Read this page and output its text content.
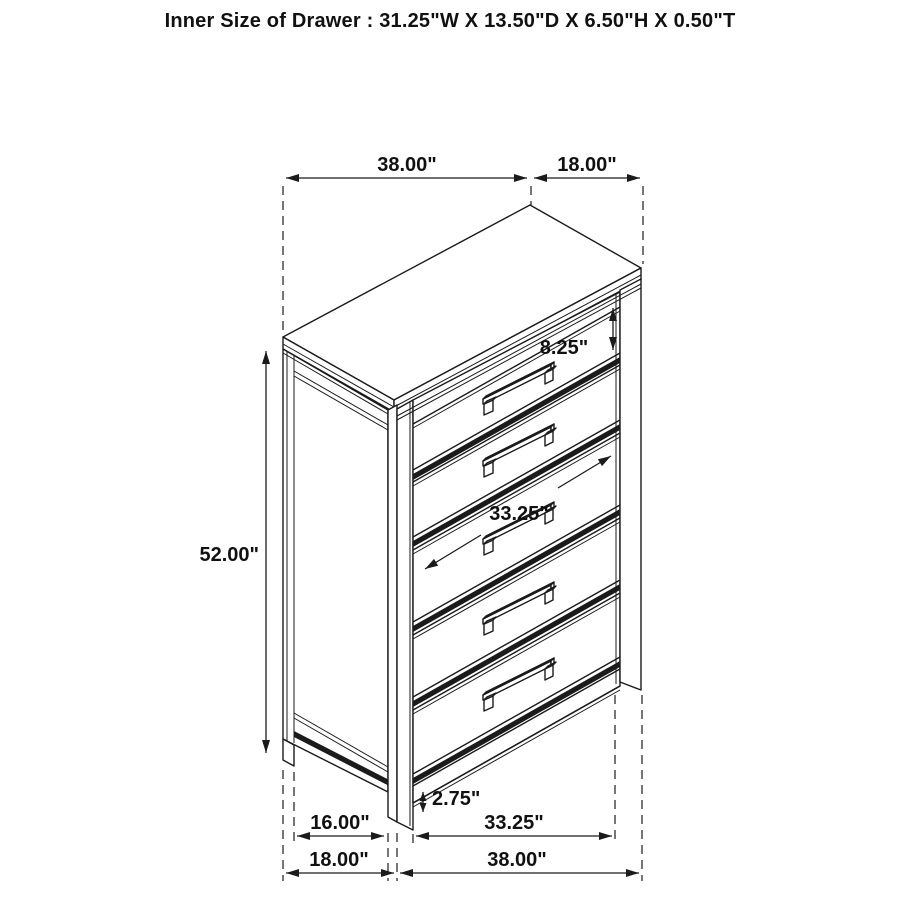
Inner Size of Drawer : 31.25"W X 13.50"D X 6.50"H X 0.50"T
38.00"	18.00"
52.00"
8.25"
33.25"
2.75"
16.00"	33.25"
18.00"	38.00"
